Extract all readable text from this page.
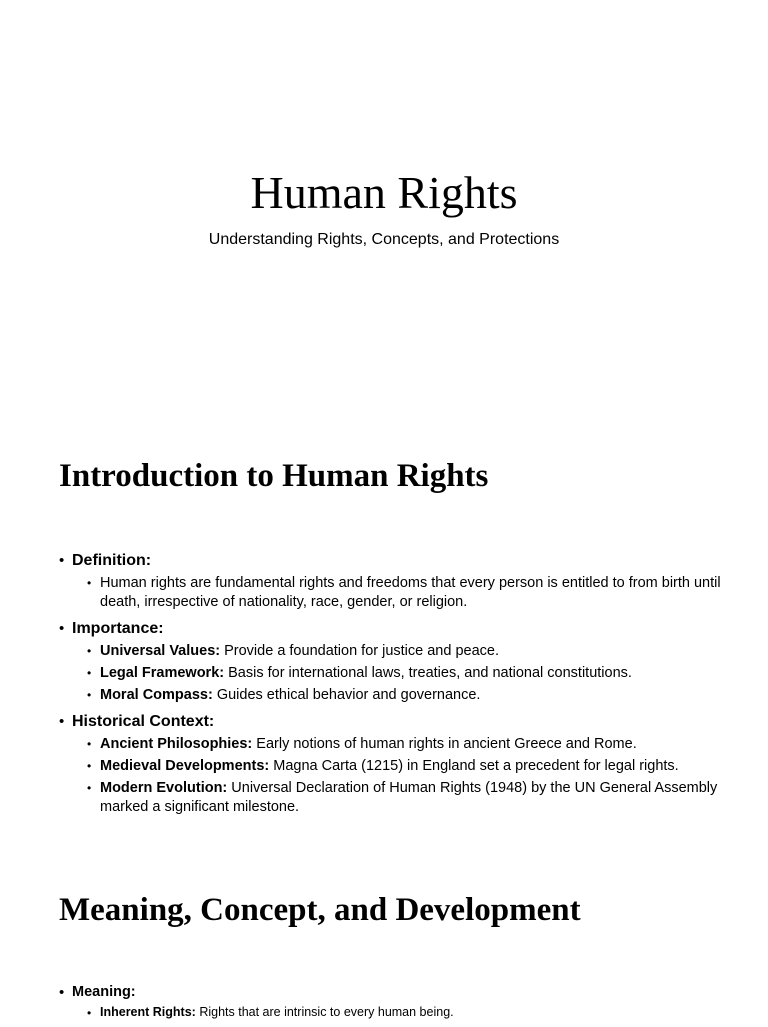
Human Rights
Understanding Rights, Concepts, and Protections
Introduction to Human Rights
• Definition:
• Human rights are fundamental rights and freedoms that every person is entitled to from birth until death, irrespective of nationality, race, gender, or religion.
• Importance:
• Universal Values: Provide a foundation for justice and peace.
• Legal Framework: Basis for international laws, treaties, and national constitutions.
• Moral Compass: Guides ethical behavior and governance.
• Historical Context:
• Ancient Philosophies: Early notions of human rights in ancient Greece and Rome.
• Medieval Developments: Magna Carta (1215) in England set a precedent for legal rights.
• Modern Evolution: Universal Declaration of Human Rights (1948) by the UN General Assembly marked a significant milestone.
Meaning, Concept, and Development
• Meaning:
• Inherent Rights: Rights that are intrinsic to every human being.
